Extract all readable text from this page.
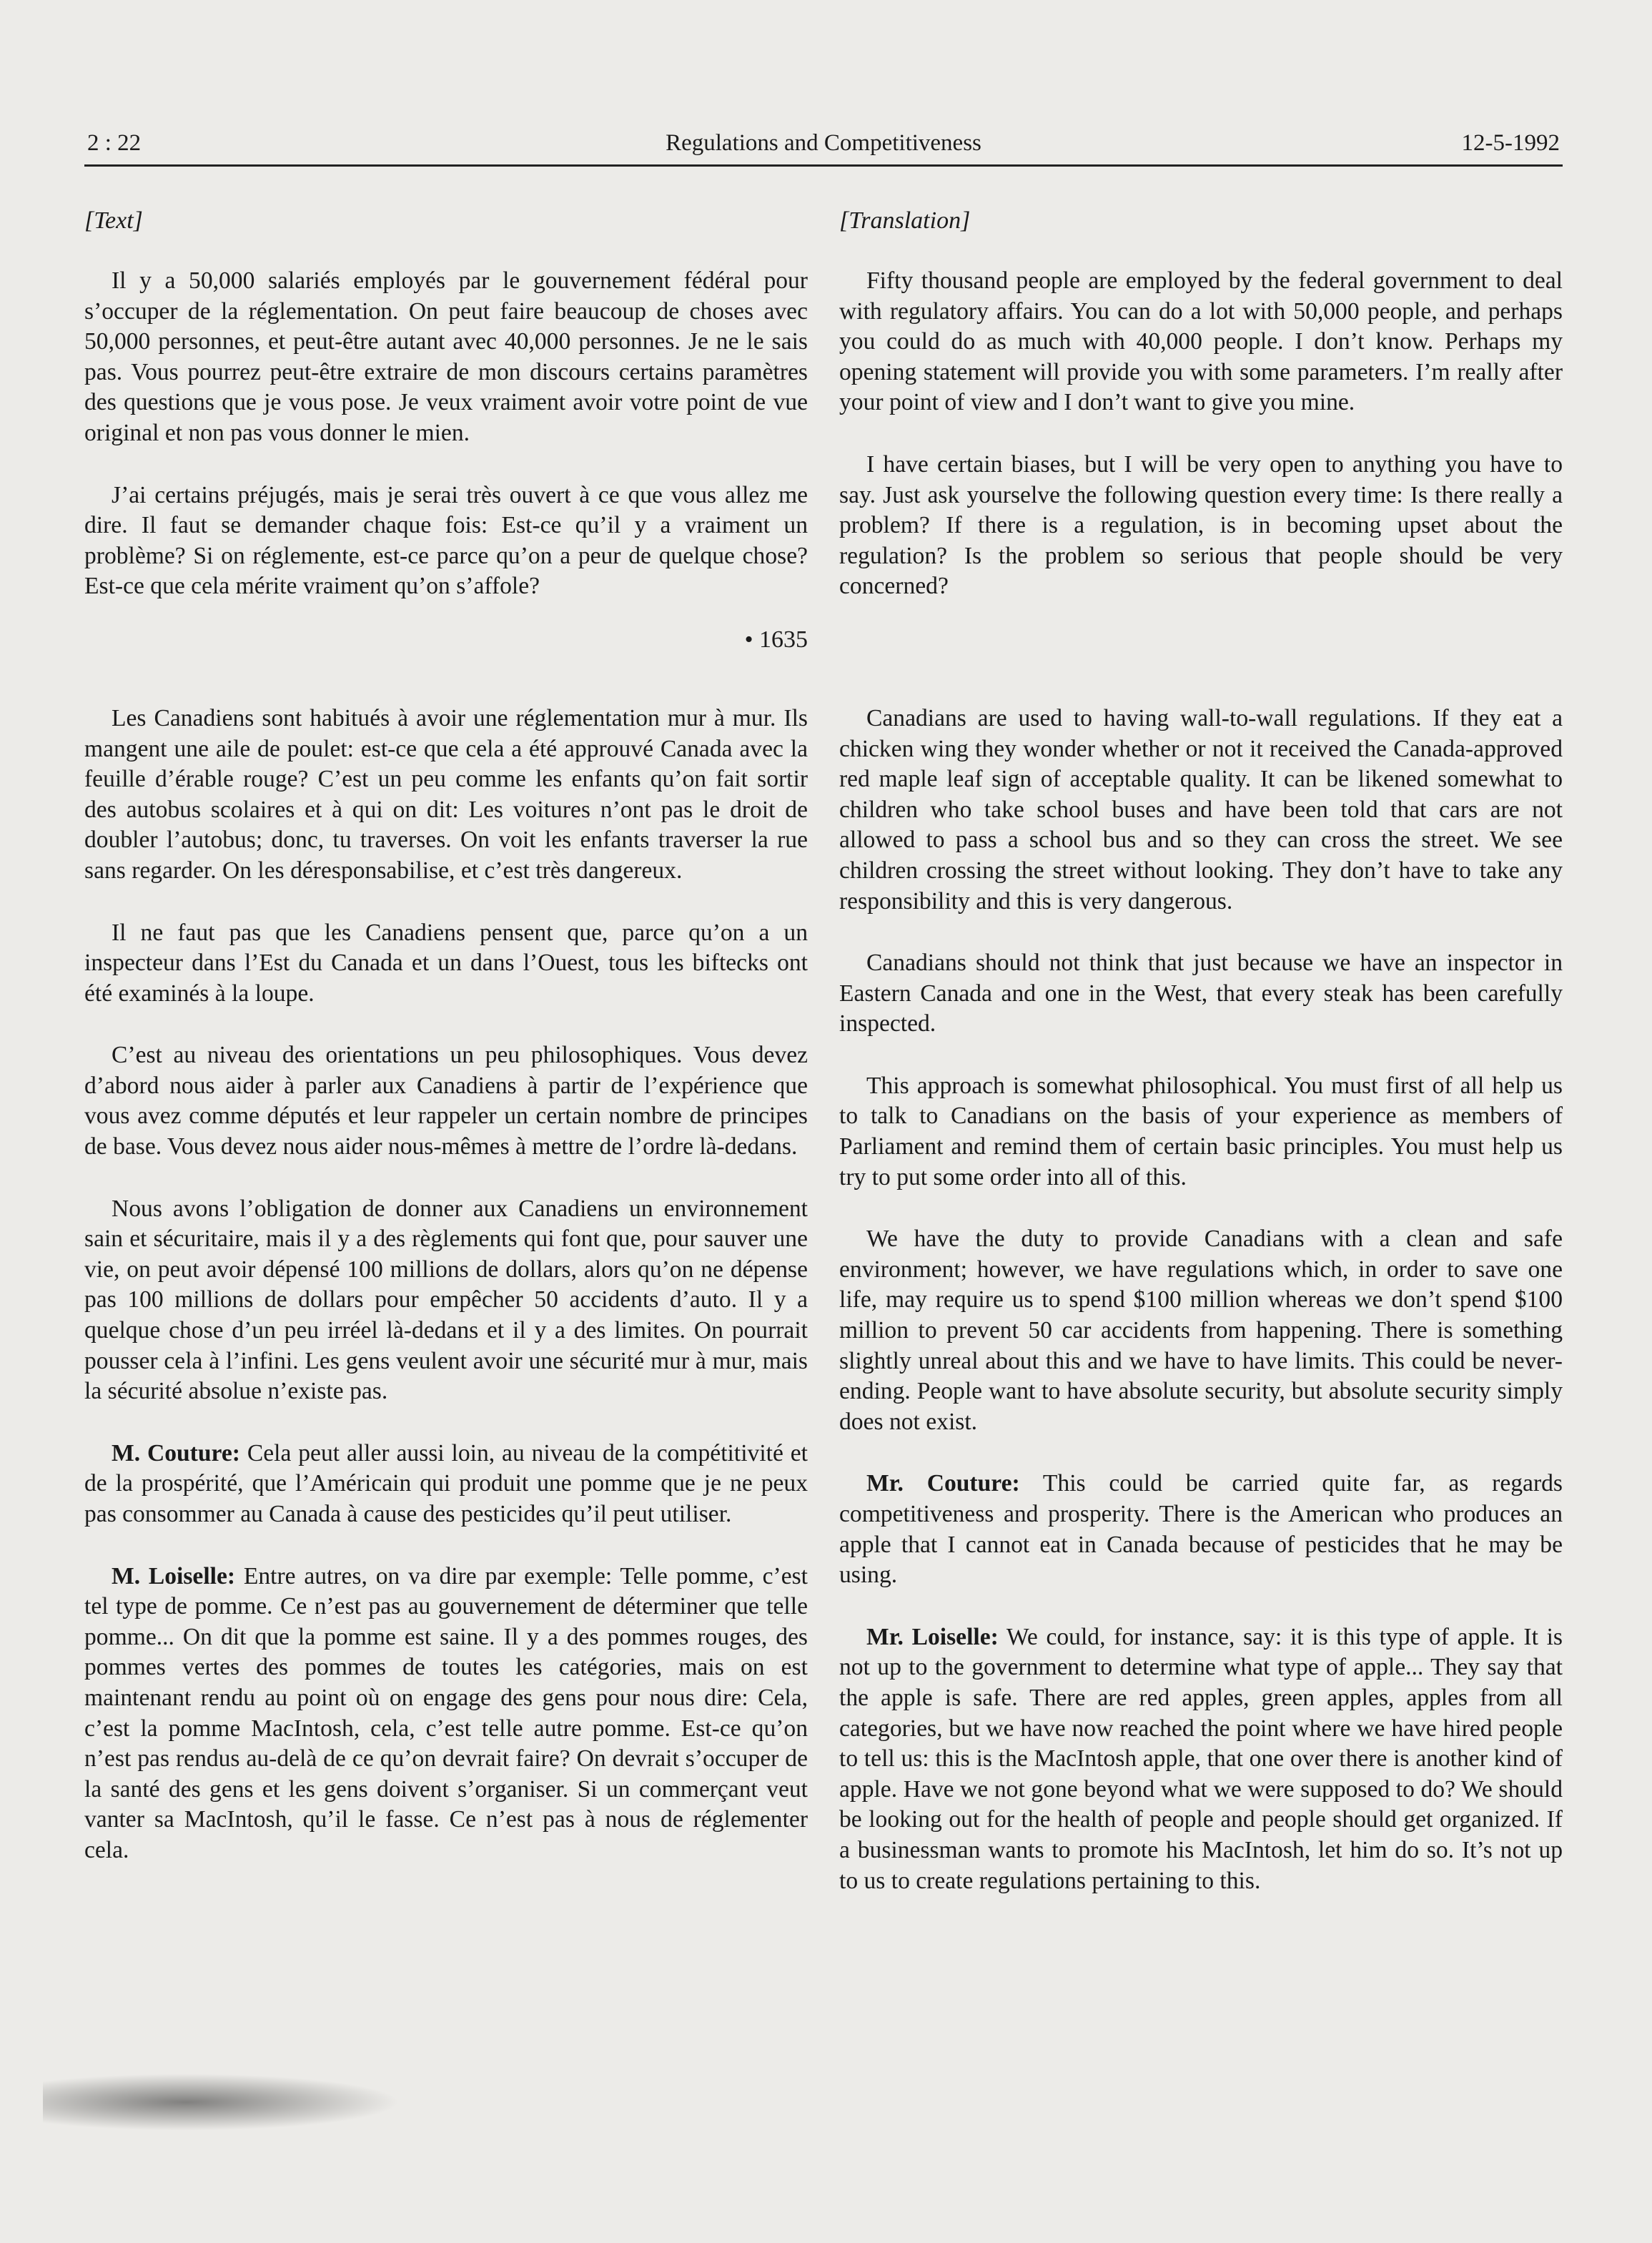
2 : 22	Regulations and Competitiveness	12-5-1992
[Text]

Il y a 50,000 salariés employés par le gouvernement fédéral pour s’occuper de la réglementation. On peut faire beaucoup de choses avec 50,000 personnes, et peut-être autant avec 40,000 personnes. Je ne le sais pas. Vous pourrez peut-être extraire de mon discours certains paramètres des questions que je vous pose. Je veux vraiment avoir votre point de vue original et non pas vous donner le mien.

J’ai certains préjugés, mais je serai très ouvert à ce que vous allez me dire. Il faut se demander chaque fois: Est-ce qu’il y a vraiment un problème? Si on réglemente, est-ce parce qu’on a peur de quelque chose? Est-ce que cela mérite vraiment qu’on s’affole?

• 1635

Les Canadiens sont habitués à avoir une réglementation mur à mur. Ils mangent une aile de poulet: est-ce que cela a été approuvé Canada avec la feuille d’érable rouge? C’est un peu comme les enfants qu’on fait sortir des autobus scolaires et à qui on dit: Les voitures n’ont pas le droit de doubler l’autobus; donc, tu traverses. On voit les enfants traverser la rue sans regarder. On les déresponsabilise, et c’est très dangereux.

Il ne faut pas que les Canadiens pensent que, parce qu’on a un inspecteur dans l’Est du Canada et un dans l’Ouest, tous les biftecks ont été examinés à la loupe.

C’est au niveau des orientations un peu philosophiques. Vous devez d’abord nous aider à parler aux Canadiens à partir de l’expérience que vous avez comme députés et leur rappeler un certain nombre de principes de base. Vous devez nous aider nous-mêmes à mettre de l’ordre là-dedans.

Nous avons l’obligation de donner aux Canadiens un environnement sain et sécuritaire, mais il y a des règlements qui font que, pour sauver une vie, on peut avoir dépensé 100 millions de dollars, alors qu’on ne dépense pas 100 millions de dollars pour empêcher 50 accidents d’auto. Il y a quelque chose d’un peu irréel là-dedans et il y a des limites. On pourrait pousser cela à l’infini. Les gens veulent avoir une sécurité mur à mur, mais la sécurité absolue n’existe pas.

M. Couture: Cela peut aller aussi loin, au niveau de la compétitivité et de la prospérité, que l’Américain qui produit une pomme que je ne peux pas consommer au Canada à cause des pesticides qu’il peut utiliser.

M. Loiselle: Entre autres, on va dire par exemple: Telle pomme, c’est tel type de pomme. Ce n’est pas au gouvernement de déterminer que telle pomme... On dit que la pomme est saine. Il y a des pommes rouges, des pommes vertes des pommes de toutes les catégories, mais on est maintenant rendu au point où on engage des gens pour nous dire: Cela, c’est la pomme MacIntosh, cela, c’est telle autre pomme. Est-ce qu’on n’est pas rendus au-delà de ce qu’on devrait faire? On devrait s’occuper de la santé des gens et les gens doivent s’organiser. Si un commerçant veut vanter sa MacIntosh, qu’il le fasse. Ce n’est pas à nous de réglementer cela.

[Translation]

Fifty thousand people are employed by the federal government to deal with regulatory affairs. You can do a lot with 50,000 people, and perhaps you could do as much with 40,000 people. I don’t know. Perhaps my opening statement will provide you with some parameters. I’m really after your point of view and I don’t want to give you mine.

I have certain biases, but I will be very open to anything you have to say. Just ask yourselve the following question every time: Is there really a problem? If there is a regulation, is in becoming upset about the regulation? Is the problem so serious that people should be very concerned?

Canadians are used to having wall-to-wall regulations. If they eat a chicken wing they wonder whether or not it received the Canada-approved red maple leaf sign of acceptable quality. It can be likened somewhat to children who take school buses and have been told that cars are not allowed to pass a school bus and so they can cross the street. We see children crossing the street without looking. They don’t have to take any responsibility and this is very dangerous.

Canadians should not think that just because we have an inspector in Eastern Canada and one in the West, that every steak has been carefully inspected.

This approach is somewhat philosophical. You must first of all help us to talk to Canadians on the basis of your experience as members of Parliament and remind them of certain basic principles. You must help us try to put some order into all of this.

We have the duty to provide Canadians with a clean and safe environment; however, we have regulations which, in order to save one life, may require us to spend $100 million whereas we don’t spend $100 million to prevent 50 car accidents from happening. There is something slightly unreal about this and we have to have limits. This could be never-ending. People want to have absolute security, but absolute security simply does not exist.

Mr. Couture: This could be carried quite far, as regards competitiveness and prosperity. There is the American who produces an apple that I cannot eat in Canada because of pesticides that he may be using.

Mr. Loiselle: We could, for instance, say: it is this type of apple. It is not up to the government to determine what type of apple... They say that the apple is safe. There are red apples, green apples, apples from all categories, but we have now reached the point where we have hired people to tell us: this is the MacIntosh apple, that one over there is another kind of apple. Have we not gone beyond what we were supposed to do? We should be looking out for the health of people and people should get organized. If a businessman wants to promote his MacIntosh, let him do so. It’s not up to us to create regulations pertaining to this.
